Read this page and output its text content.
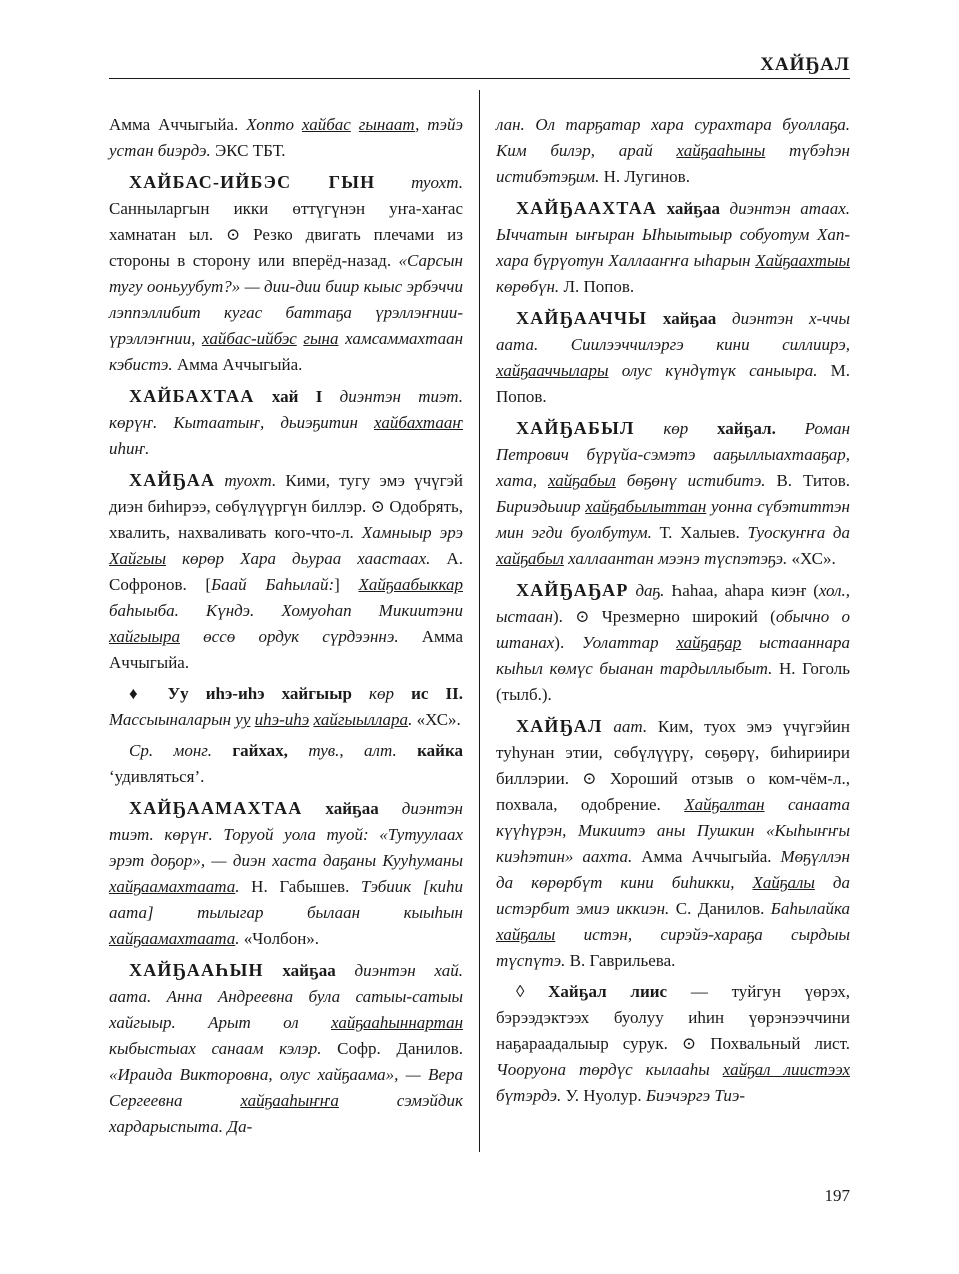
ХАЙҔАЛ

Амма Аччыгыйа. Хопто хайбас гынаат, тэйэ устан биэрдэ. ЭКС ТБТ.

ХАЙБАС-ИЙБЭС ГЫН туохт. Санныларгын икки өттүгүнэн уҥа-хаҥас хамнатан ыл. ⊙ Резко двигать плечами из стороны в сторону или вперёд-назад. «Сарсын тугу ооньуубут?» — дии-дии биир кыыс эрбэччи лэппэллибит кугас баттаҕа үрэллэҥнии-үрэллэҥнии, хайбас-ийбэс гына хамсаммахтаан кэбистэ. Амма Аччыгыйа.

ХАЙБАХТАА хай I диэнтэн тиэт. көрүҥ. Кытаатыҥ, дьиэҕитин хайбахтааҥ иһиҥ.

ХАЙҔАА туохт. Кими, тугу эмэ үчүгэй диэн биһирээ, сөбүлүүргүн биллэр. ⊙ Одобрять, хвалить, нахваливать кого-что-л. Хамныыр эрэ Хайгыы көрөр Хара дьураа хаастаах. А. Софронов. [Баай Баһылай:] Хайҕаабыккар баһыыба. Күндэ. Хомуоһап Микиитэни хайгыыра өссө ордук сүрдээннэ. Амма Аччыгыйа.

♦ Уу иһэ-иһэ хайгыыр көр ис II. Массыыналарын уу иһэ-иһэ хайгыыллара. «ХС».

Ср. монг. гайхах, тув., алт. кайка ‘удивляться’.

ХАЙҔААМАХТАА хайҕаа диэнтэн тиэт. көрүҥ. Торуой уола туой: «Тутуулаах эрэт доҕор», — диэн хаста даҕаны Кууһуманы хайҕаамахтаата. Н. Габышев. Тэбиик [киһи аата] тылыгар былаан кыыһын хайҕаамахтаата. «Чолбон».

ХАЙҔААҺЫН хайҕаа диэнтэн хай. аата. Анна Андреевна була сатыы-сатыы хайгыыр. Арыт ол хайҕааһыннартан кыбыстыах санаам кэлэр. Софр. Данилов. «Ираида Викторовна, олус хайҕаама», — Вера Сергеевна хайҕааһыҥҥа сэмэйдик хардарыспыта. Да-

лан. Ол тарҕатар хара сурахтара буоллаҕа. Ким билэр, арай хайҕааһыны түбэһэн истибэтэҕим. Н. Лугинов.

ХАЙҔААХТАА хайҕаа диэнтэн атаах. Ыччатын ыҥыран Ыһыытыыр собуотум Хап-хара бүрүотун Халлааҥҥа ыһарын Хайҕаахтыы көрөбүн. Л. Попов.

ХАЙҔААЧЧЫ хайҕаа диэнтэн х-ччы аата. Сиилээччилэргэ кини силлиирэ, хайҕааччылары олус күндүтүк саныыра. М. Попов.

ХАЙҔАБЫЛ көр хайҕал. Роман Петрович бүрүйа-сэмэтэ ааҕыллыахтааҕар, хата, хайҕабыл бөҕөнү истибитэ. В. Титов. Бириэдьиир хайҕабылыттан уонна сүбэтиттэн мин эгди буолбутум. Т. Халыев. Туоскуҥҥа да хайҕабыл халлаантан мээнэ түспэтэҕэ. «ХС».

ХАЙҔАҔАР даҕ. Һаһаа, аһара киэҥ (хол., ыстаан). ⊙ Чрезмерно широкий (обычно о штанах). Уолаттар хайҕаҕар ыстааннара кыһыл көмүс быанан тардыллыбыт. Н. Гоголь (тылб.).

ХАЙҔАЛ аат. Ким, туох эмэ үчүгэйин туһунан этии, сөбүлүүрү, сөҕөрү, биһириири биллэрии. ⊙ Хороший отзыв о ком-чём-л., похвала, одобрение. Хайҕалтан санаата күүһүрэн, Микиитэ аны Пушкин «Кыһыҥҥы киэһэтин» аахта. Амма Аччыгыйа. Мөҕүллэн да көрөрбүт кини биһикки, Хайҕалы да истэрбит эмиэ иккиэн. С. Данилов. Баһылайка хайҕалы истэн, сирэйэ-хараҕа сырдыы түспүтэ. В. Гаврильева.

◊ Хайҕал лиис — туйгун үөрэх, бэрээдэктээх буолуу иһин үөрэнээччини наҕараадалыыр сурук. ⊙ Похвальный лист. Чооруона төрдүс кылааһы хайҕал лиистээх бүтэрдэ. У. Нуолур. Биэчэргэ Тиэ-

197
